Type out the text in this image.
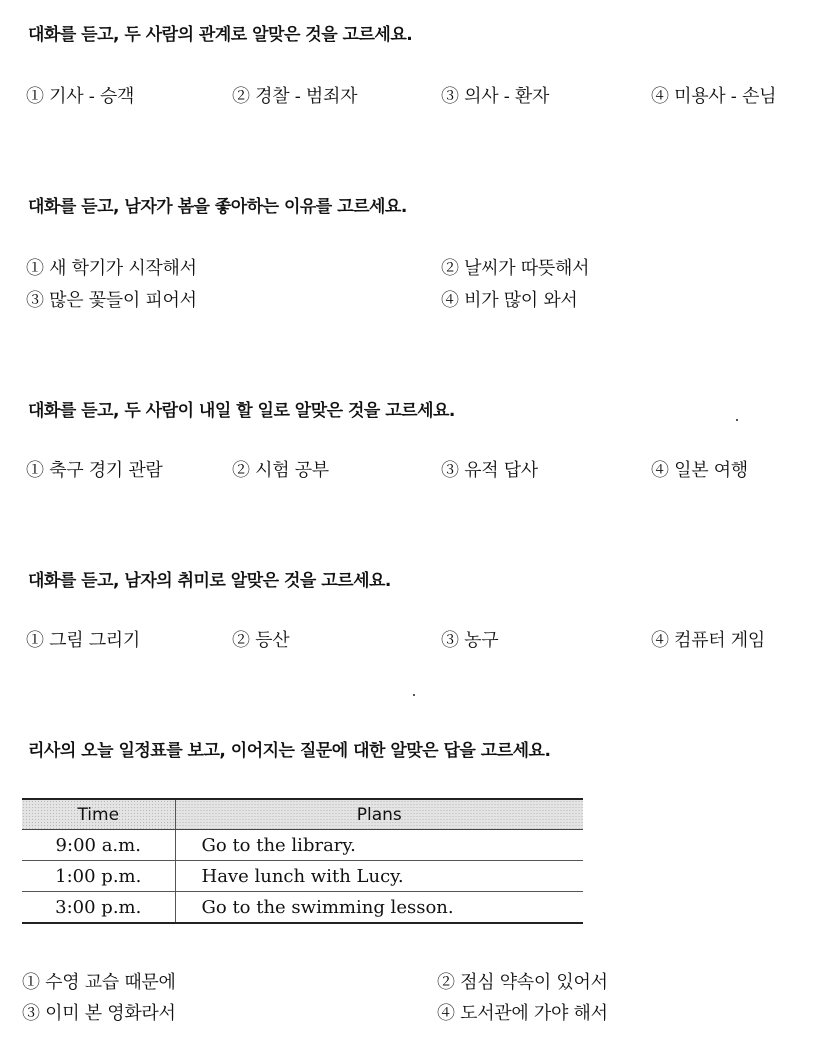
대화를 듣고, 두 사람의 관계로 알맞은 것을 고르세요.
① 기사 - 승객	② 경찰 - 범죄자	③ 의사 - 환자	④ 미용사 - 손님
대화를 듣고, 남자가 봄을 좋아하는 이유를 고르세요.
① 새 학기가 시작해서	② 날씨가 따뜻해서
③ 많은 꽃들이 피어서	④ 비가 많이 와서
대화를 듣고, 두 사람이 내일 할 일로 알맞은 것을 고르세요.
① 축구 경기 관람	② 시험 공부	③ 유적 답사	④ 일본 여행
대화를 듣고, 남자의 취미로 알맞은 것을 고르세요.
① 그림 그리기	② 등산	③ 농구	④ 컴퓨터 게임
리사의 오늘 일정표를 보고, 이어지는 질문에 대한 알맞은 답을 고르세요.
Time	Plans
9:00 a.m.	Go to the library.
1:00 p.m.	Have lunch with Lucy.
3:00 p.m.	Go to the swimming lesson.
① 수영 교습 때문에	② 점심 약속이 있어서
③ 이미 본 영화라서	④ 도서관에 가야 해서
